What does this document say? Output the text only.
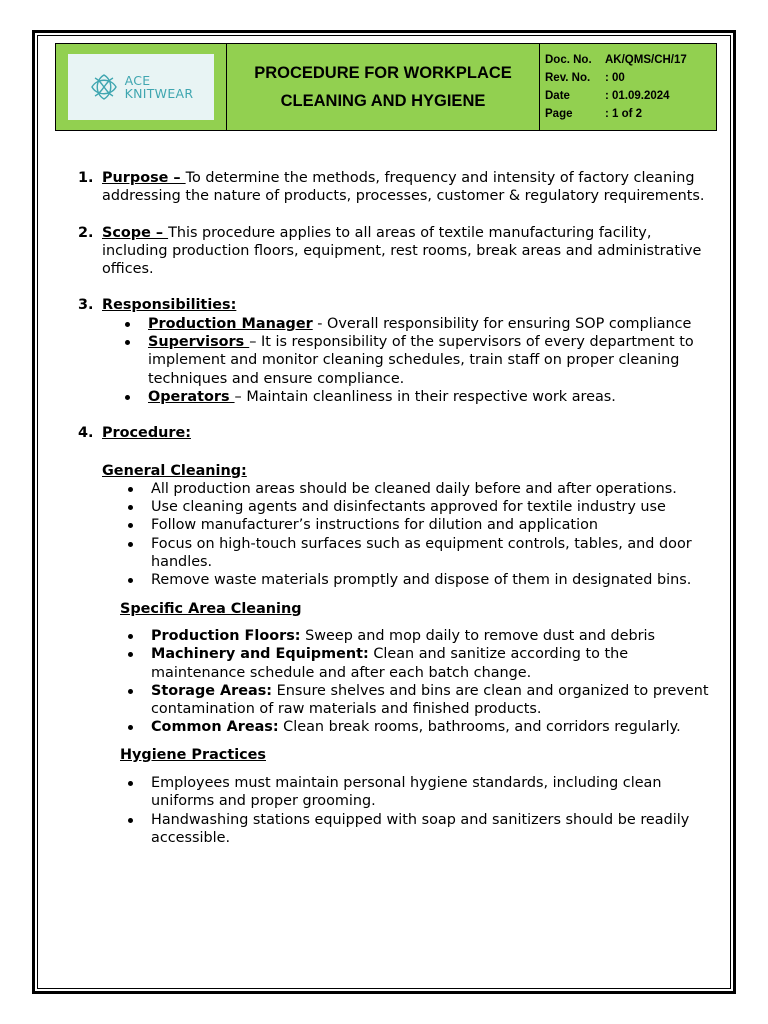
ACE
KNITWEAR
PROCEDURE FOR WORKPLACE
CLEANING AND HYGIENE
Doc. No.	AK/QMS/CH/17
Rev. No.	: 00
Date	: 01.09.2024
Page	: 1 of 2
1. Purpose – To determine the methods, frequency and intensity of factory cleaning addressing the nature of products, processes, customer & regulatory requirements.
2. Scope – This procedure applies to all areas of textile manufacturing facility, including production floors, equipment, rest rooms, break areas and administrative offices.
3. Responsibilities:
Production Manager - Overall responsibility for ensuring SOP compliance
Supervisors – It is responsibility of the supervisors of every department to implement and monitor cleaning schedules, train staff on proper cleaning techniques and ensure compliance.
Operators – Maintain cleanliness in their respective work areas.
4. Procedure:
General Cleaning:
All production areas should be cleaned daily before and after operations.
Use cleaning agents and disinfectants approved for textile industry use
Follow manufacturer’s instructions for dilution and application
Focus on high-touch surfaces such as equipment controls, tables, and door handles.
Remove waste materials promptly and dispose of them in designated bins.
Specific Area Cleaning
Production Floors: Sweep and mop daily to remove dust and debris
Machinery and Equipment: Clean and sanitize according to the maintenance schedule and after each batch change.
Storage Areas: Ensure shelves and bins are clean and organized to prevent contamination of raw materials and finished products.
Common Areas: Clean break rooms, bathrooms, and corridors regularly.
Hygiene Practices
Employees must maintain personal hygiene standards, including clean uniforms and proper grooming.
Handwashing stations equipped with soap and sanitizers should be readily accessible.
